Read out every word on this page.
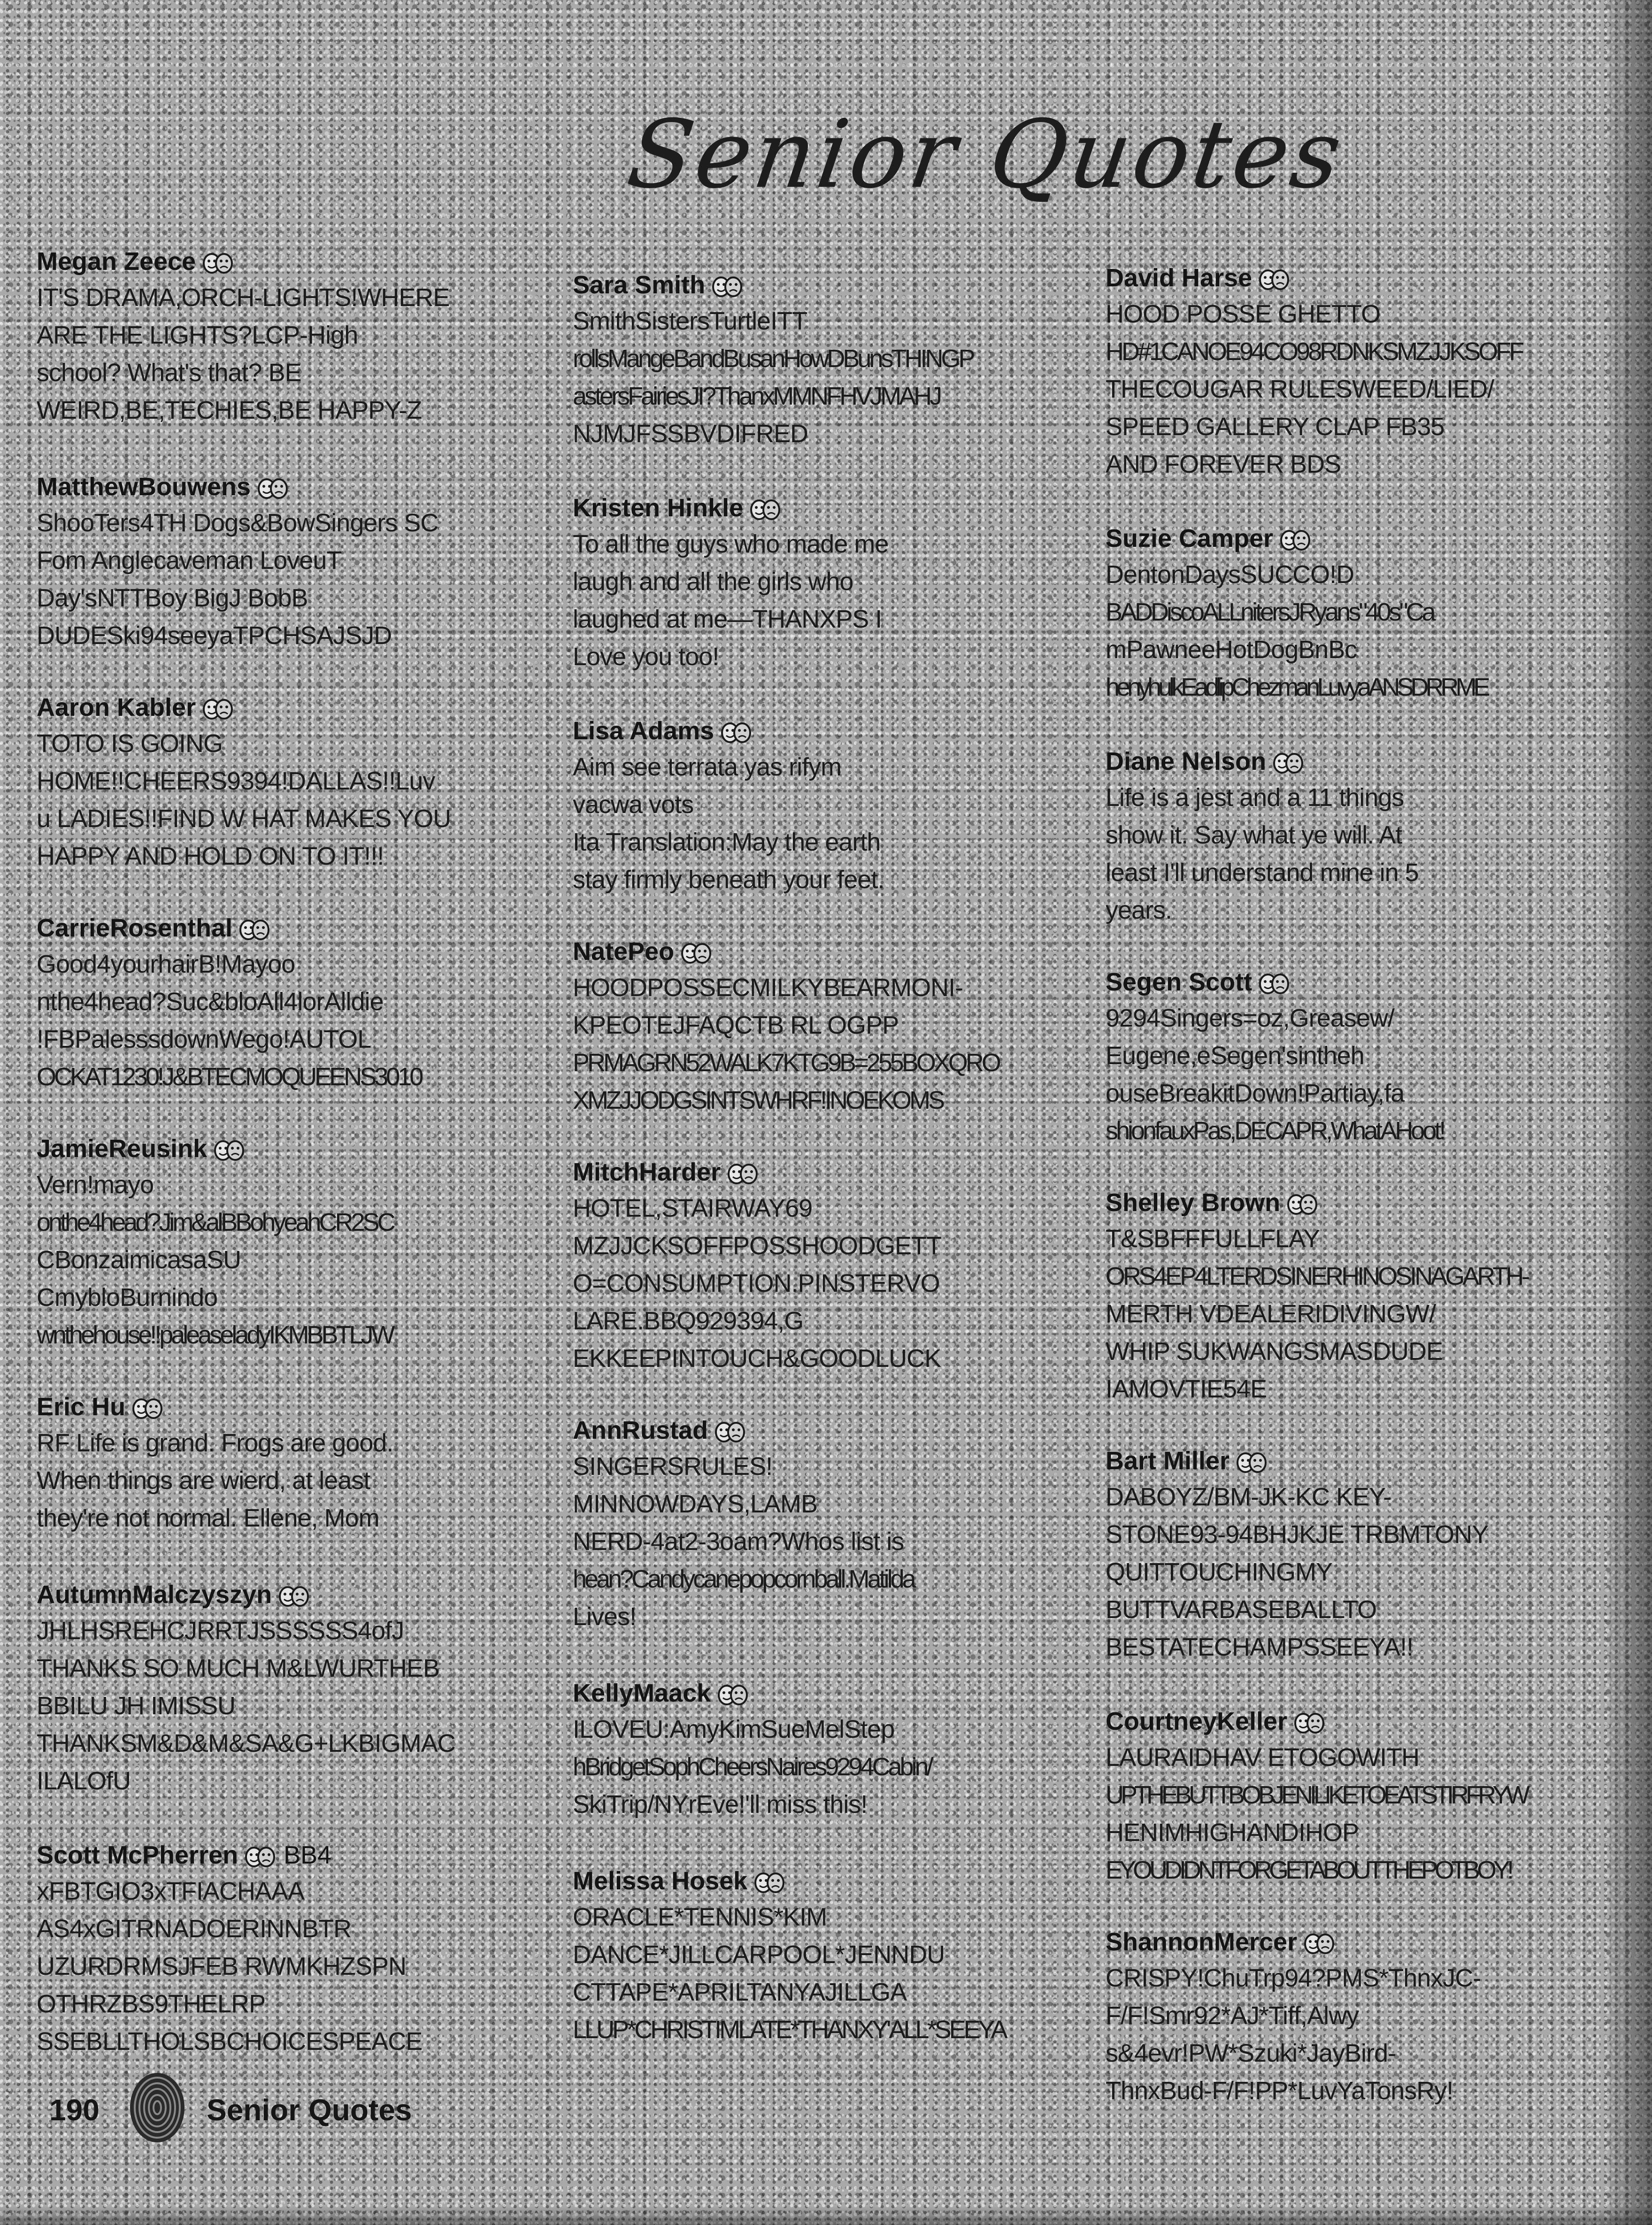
Senior Quotes
Megan Zeece
IT'S DRAMA,ORCH-LIGHTS!WHERE
ARE THE LIGHTS?LCP-High
school? What's that? BE
WEIRD,BE,TECHIES,BE HAPPY-Z
MatthewBouwens
ShooTers4TH Dogs&BowSingers SC
Fom Anglecaveman LoveuT
Day'sNTTBoy BigJ BobB
DUDESki94seeyaTPCHSAJSJD
Aaron Kabler
TOTO IS GOING
HOME!!CHEERS9394!DALLAS!!Luv
u LADIES!!FIND W HAT MAKES YOU
HAPPY AND HOLD ON TO IT!!!
CarrieRosenthal
Good4yourhairB!Mayoo
nthe4head?Suc&bloAll4lorAlldie
!FBPalesssdownWego!AUTOL
OCKAT1230!J&BTECMOQUEENS3010
JamieReusink
Vern!mayo
onthe4head?Jim&alBBohyeahCR2SC
CBonzaimicasaSU
CmybloBurnindo
wnthehouse!!paleaseladyIKMBBTLJW
Eric Hu
RF Life is grand. Frogs are good.
When things are wierd, at least
they're not normal. Ellene, Mom
AutumnMalczyszyn
JHLHSREHCJRRTJSSSSSS4ofJ
THANKS SO MUCH M&LWURTHEB
BBILU JH IMISSU
THANKSM&D&M&SA&G+LKBIGMAC
ILALOfU
Scott McPherren BB4
xFBTGIO3xTFIACHAAA
AS4xGITRNADOERINNBTR
UZURDRMSJFEB RWMKHZSPN
OTHRZBS9THELRP
SSEBLLTHOLSBCHOICESPEACE
Sara Smith
SmithSistersTurtleITT
rollsMangeBandBusanHowDBunsTHINGP
astersFairiesJI?ThanxMMNFHVJMAHJ
NJMJFSSBVDIFRED
Kristen Hinkle
To all the guys who made me
laugh and all the girls who
laughed at me—THANXPS I
Love you too!
Lisa Adams
Aim see terrata yas rifym
vacwa vots
Ita Translation:May the earth
stay firmly beneath your feet.
NatePeo
HOODPOSSECMILKYBEARMONI-
KPEOTEJFAQCTB RL OGPP
PRMAGRN52WALK7KTG9B=255BOXQRO
XMZJJODGSINTSWHRF!INOEKOMS
MitchHarder
HOTEL,STAIRWAY69
MZJJCKSOFFPOSSHOODGETT
O=CONSUMPTION.PINSTERVO
LARE.BBQ929394,G
EKKEEPINTOUCH&GOODLUCK
AnnRustad
SINGERSRULES!
MINNOWDAYS,LAMB
NERD-4at2-3oam?Whos list is
hean?Candycanepopcornball.Matilda
Lives!
KellyMaack
ILOVEU:AmyKimSueMelStep
hBridgetSophCheersNaires9294Cabin/
SkiTrip/NYrEve!'ll miss this!
Melissa Hosek
ORACLE*TENNIS*KIM
DANCE*JILLCARPOOL*JENNDU
CTTAPE*APRILTANYAJILLGA
LLUP*CHRISTIMLATE*THANXY'ALL*SEEYA
David Harse
HOOD POSSE GHETTO
HD#1CANOE94CO98RDNKSMZJJKSOFF
THECOUGAR RULESWEED/LIED/
SPEED GALLERY CLAP FB35
AND FOREVER BDS
Suzie Camper
DentonDaysSUCCO!D
BADDiscoALLnitersJRyans"40s"Ca
mPawneeHotDogBnBc
henyhulkEadlipChezmanLuvyaANSDRRME
Diane Nelson
Life is a jest and a 11 things
show it. Say what ye will. At
least I'll understand mine in 5
years.
Segen Scott
9294Singers=oz,Greasew/
Eugene,eSegen'sintheh
ouseBreakitDown!Partiay,fa
shionfauxPas,DECAPR,WhatAHoot!
Shelley Brown
T&SBFFFULLFLAY
ORS4EP4LTERDSINERHINOSINAGARTH-
MERTH VDEALERIDIVINGW/
WHIP SUKWANGSMASDUDE
IAMOVTIE54E
Bart Miller
DABOYZ/BM-JK-KC KEY-
STONE93-94BHJKJE TRBMTONY
QUITTOUCHINGMY
BUTTVARBASEBALLTO
BESTATECHAMPSSEEYA!!
CourtneyKeller
LAURAIDHAV ETOGOWITH
UPTHEBUTTBOBJENILIKETOEATSTIRFRYW
HENIMHIGHANDIHOP
EYOUDIDNTFORGETABOUTTHEPOTBOY!
ShannonMercer
CRISPY!ChuTrp94?PMS*ThnxJC-
F/F!Smr92*AJ*Tiff,Alwy
s&4evr!PW*Szuki*JayBird-
ThnxBud-F/F!PP*LuvYaTonsRy!
190	Senior Quotes
